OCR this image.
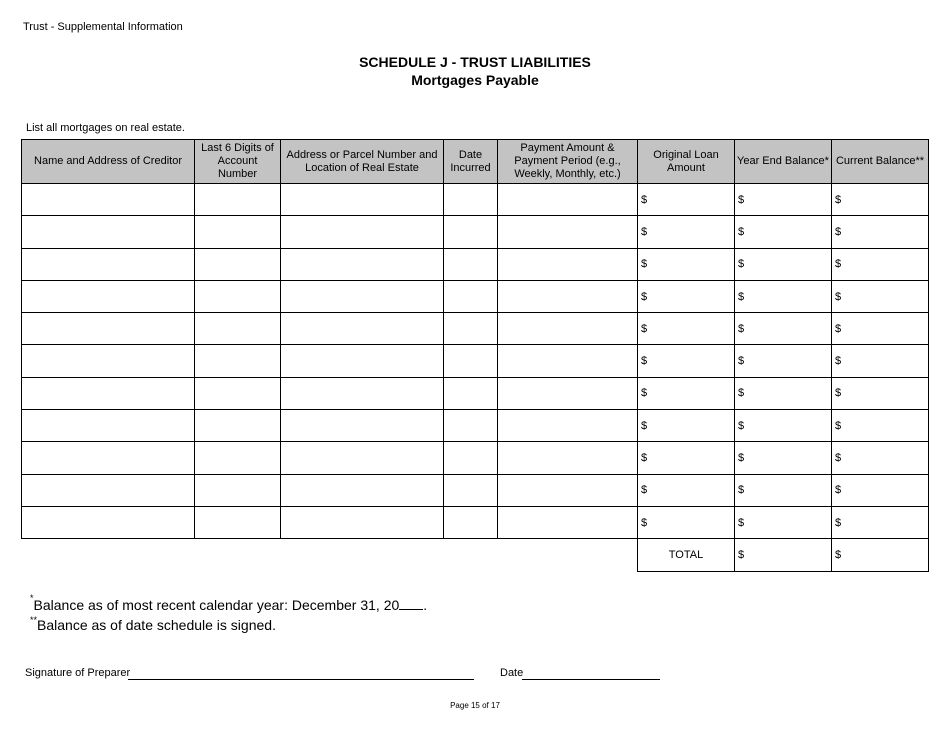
Trust - Supplemental Information
SCHEDULE J - TRUST LIABILITIES
Mortgages Payable
List all mortgages on real estate.
Name and Address of Creditor	Last 6 Digits of Account Number	Address or Parcel Number and Location of Real Estate	Date Incurred	Payment Amount & Payment Period (e.g., Weekly, Monthly, etc.)	Original Loan Amount	Year End Balance*	Current Balance**
					$	$	$
					$	$	$
					$	$	$
					$	$	$
					$	$	$
					$	$	$
					$	$	$
					$	$	$
					$	$	$
					$	$	$
					$	$	$
					TOTAL	$	$
*Balance as of most recent calendar year: December 31, 20 .
**Balance as of date schedule is signed.
Signature of Preparer	Date
Page 15 of 17
